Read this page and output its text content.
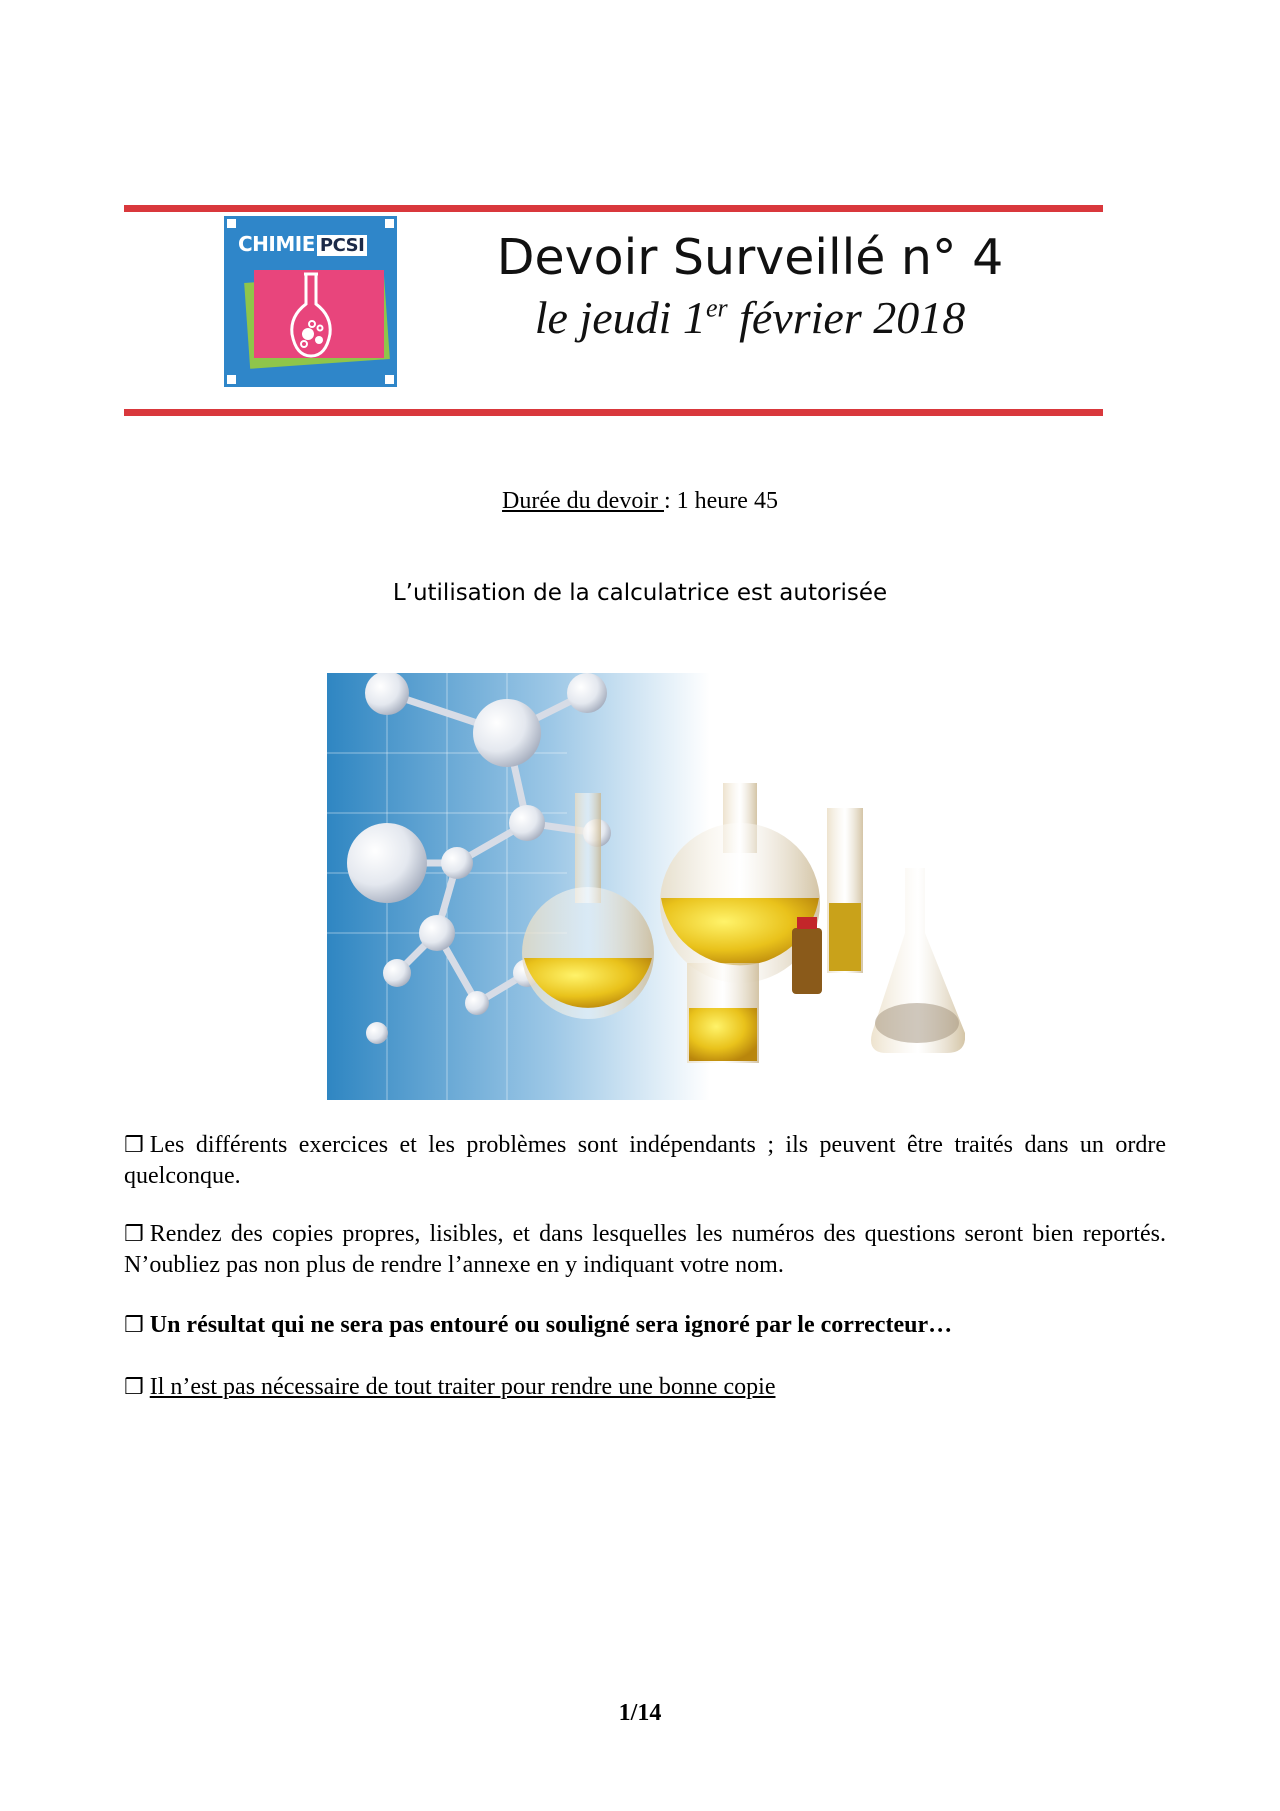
CHIMIE PCSI	Devoir Surveillé n° 4
le jeudi 1er février 2018
Durée du devoir : 1 heure 45
L’utilisation de la calculatrice est autorisée
❒ Les différents exercices et les problèmes sont indépendants ; ils peuvent être traités dans un ordre quelconque.
❒ Rendez des copies propres, lisibles, et dans lesquelles les numéros des questions seront bien reportés. N’oubliez pas non plus de rendre l’annexe en y indiquant votre nom.
❒ Un résultat qui ne sera pas entouré ou souligné sera ignoré par le correcteur…
❒ Il n’est pas nécessaire de tout traiter pour rendre une bonne copie
1/14
